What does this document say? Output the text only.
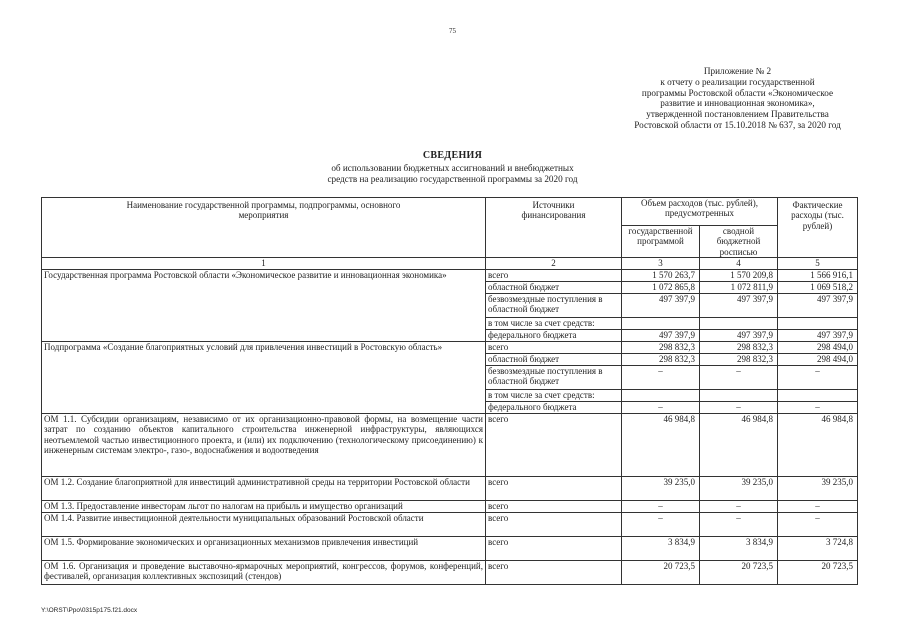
75
Приложение № 2
к отчету о реализации государственной
программы Ростовской области «Экономическое
развитие и инновационная экономика»,
утвержденной постановлением Правительства
Ростовской области от 15.10.2018 № 637, за 2020 год
СВЕДЕНИЯ
об использовании бюджетных ассигнований и внебюджетных
средств на реализацию государственной программы за 2020 год
Наименование государственной программы, подпрограммы, основного мероприятия	Источники финансирования	Объем расходов (тыс. рублей), предусмотренных		Фактические расходы (тыс. рублей)
		государственной программой	сводной бюджетной росписью	
1	2	3	4	5
Государственная программа Ростовской области «Экономическое развитие и инновационная экономика»	всего	1 570 263,7	1 570 209,8	1 566 916,1
	областной бюджет	1 072 865,8	1 072 811,9	1 069 518,2
	безвозмездные поступления в областной бюджет	497 397,9	497 397,9	497 397,9
	в том числе за счет средств:			
	федерального бюджета	497 397,9	497 397,9	497 397,9
Подпрограмма «Создание благоприятных условий для привлечения инвестиций в Ростовскую область»	всего	298 832,3	298 832,3	298 494,0
	областной бюджет	298 832,3	298 832,3	298 494,0
	безвозмездные поступления в областной бюджет	–	–	–
	в том числе за счет средств:			
	федерального бюджета	–	–	–
ОМ 1.1. Субсидии организациям, независимо от их организационно-правовой формы, на возмещение части затрат по созданию объектов капитального строительства инженерной инфраструктуры, являющихся неотъемлемой частью инвестиционного проекта, и (или) их подключению (технологическому присоединению) к инженерным системам электро-, газо-, водоснабжения и водоотведения	всего	46 984,8	46 984,8	46 984,8
ОМ 1.2. Создание благоприятной для инвестиций административной среды на территории Ростовской области	всего	39 235,0	39 235,0	39 235,0
ОМ 1.3. Предоставление инвесторам льгот по налогам на прибыль и имущество организаций	всего	–	–	–
ОМ 1.4. Развитие инвестиционной деятельности муниципальных образований Ростовской области	всего	–	–	–
ОМ 1.5. Формирование экономических и организационных механизмов привлечения инвестиций	всего	3 834,9	3 834,9	3 724,8
ОМ 1.6. Организация и проведение выставочно-ярмарочных мероприятий, конгрессов, форумов, конференций, фестивалей, организация коллективных экспозиций (стендов)	всего	20 723,5	20 723,5	20 723,5
Y:\ORST\Ppo\0315p175.f21.docx
